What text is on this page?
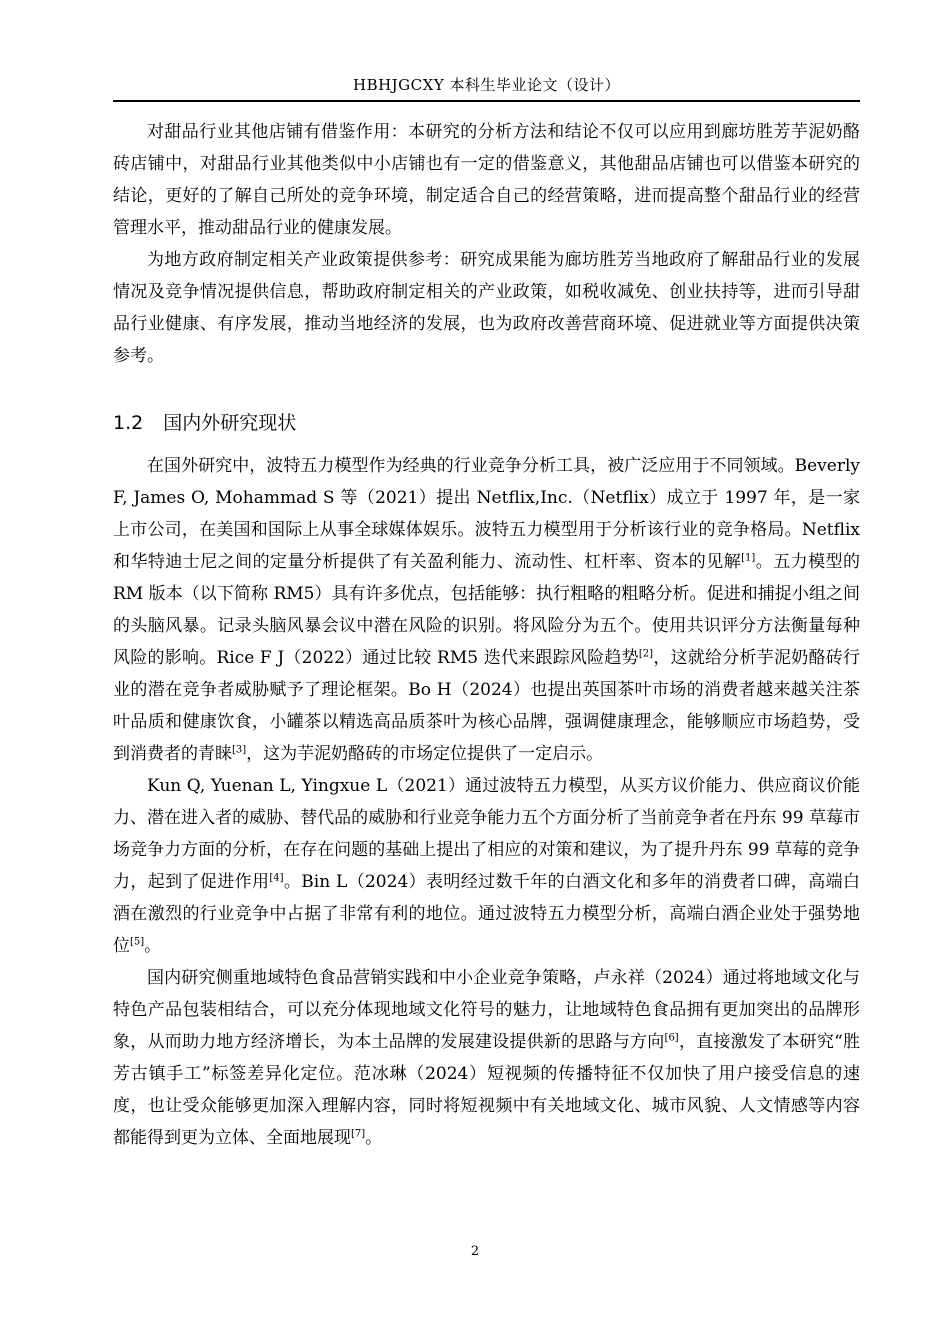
HBHJGCXY 本科生毕业论文（设计）

对甜品行业其他店铺有借鉴作用：本研究的分析方法和结论不仅可以应用到廊坊胜芳芋泥奶酪砖店铺中，对甜品行业其他类似中小店铺也有一定的借鉴意义，其他甜品店铺也可以借鉴本研究的结论，更好的了解自己所处的竞争环境，制定适合自己的经营策略，进而提高整个甜品行业的经营管理水平，推动甜品行业的健康发展。

为地方政府制定相关产业政策提供参考：研究成果能为廊坊胜芳当地政府了解甜品行业的发展情况及竞争情况提供信息，帮助政府制定相关的产业政策，如税收减免、创业扶持等，进而引导甜品行业健康、有序发展，推动当地经济的发展，也为政府改善营商环境、促进就业等方面提供决策参考。

1.2 国内外研究现状

在国外研究中，波特五力模型作为经典的行业竞争分析工具，被广泛应用于不同领域。Beverly F, James O, Mohammad S 等（2021）提出 Netflix,Inc.（Netflix）成立于 1997 年，是一家上市公司，在美国和国际上从事全球媒体娱乐。波特五力模型用于分析该行业的竞争格局。Netflix 和华特迪士尼之间的定量分析提供了有关盈利能力、流动性、杠杆率、资本的见解[1]。五力模型的 RM 版本（以下简称 RM5）具有许多优点，包括能够：执行粗略的粗略分析。促进和捕捉小组之间的头脑风暴。记录头脑风暴会议中潜在风险的识别。将风险分为五个。使用共识评分方法衡量每种风险的影响。Rice F J（2022）通过比较 RM5 迭代来跟踪风险趋势[2]，这就给分析芋泥奶酪砖行业的潜在竞争者威胁赋予了理论框架。Bo H（2024）也提出英国茶叶市场的消费者越来越关注茶叶品质和健康饮食，小罐茶以精选高品质茶叶为核心品牌，强调健康理念，能够顺应市场趋势，受到消费者的青睐[3]，这为芋泥奶酪砖的市场定位提供了一定启示。

Kun Q, Yuenan L, Yingxue L（2021）通过波特五力模型，从买方议价能力、供应商议价能力、潜在进入者的威胁、替代品的威胁和行业竞争能力五个方面分析了当前竞争者在丹东 99 草莓市场竞争力方面的分析，在存在问题的基础上提出了相应的对策和建议，为了提升丹东 99 草莓的竞争力，起到了促进作用[4]。Bin L（2024）表明经过数千年的白酒文化和多年的消费者口碑，高端白酒在激烈的行业竞争中占据了非常有利的地位。通过波特五力模型分析，高端白酒企业处于强势地位[5]。

国内研究侧重地域特色食品营销实践和中小企业竞争策略，卢永祥（2024）通过将地域文化与特色产品包装相结合，可以充分体现地域文化符号的魅力，让地域特色食品拥有更加突出的品牌形象，从而助力地方经济增长，为本土品牌的发展建设提供新的思路与方向[6]，直接激发了本研究“胜芳古镇手工”标签差异化定位。范冰琳（2024）短视频的传播特征不仅加快了用户接受信息的速度，也让受众能够更加深入理解内容，同时将短视频中有关地域文化、城市风貌、人文情感等内容都能得到更为立体、全面地展现[7]。

2
